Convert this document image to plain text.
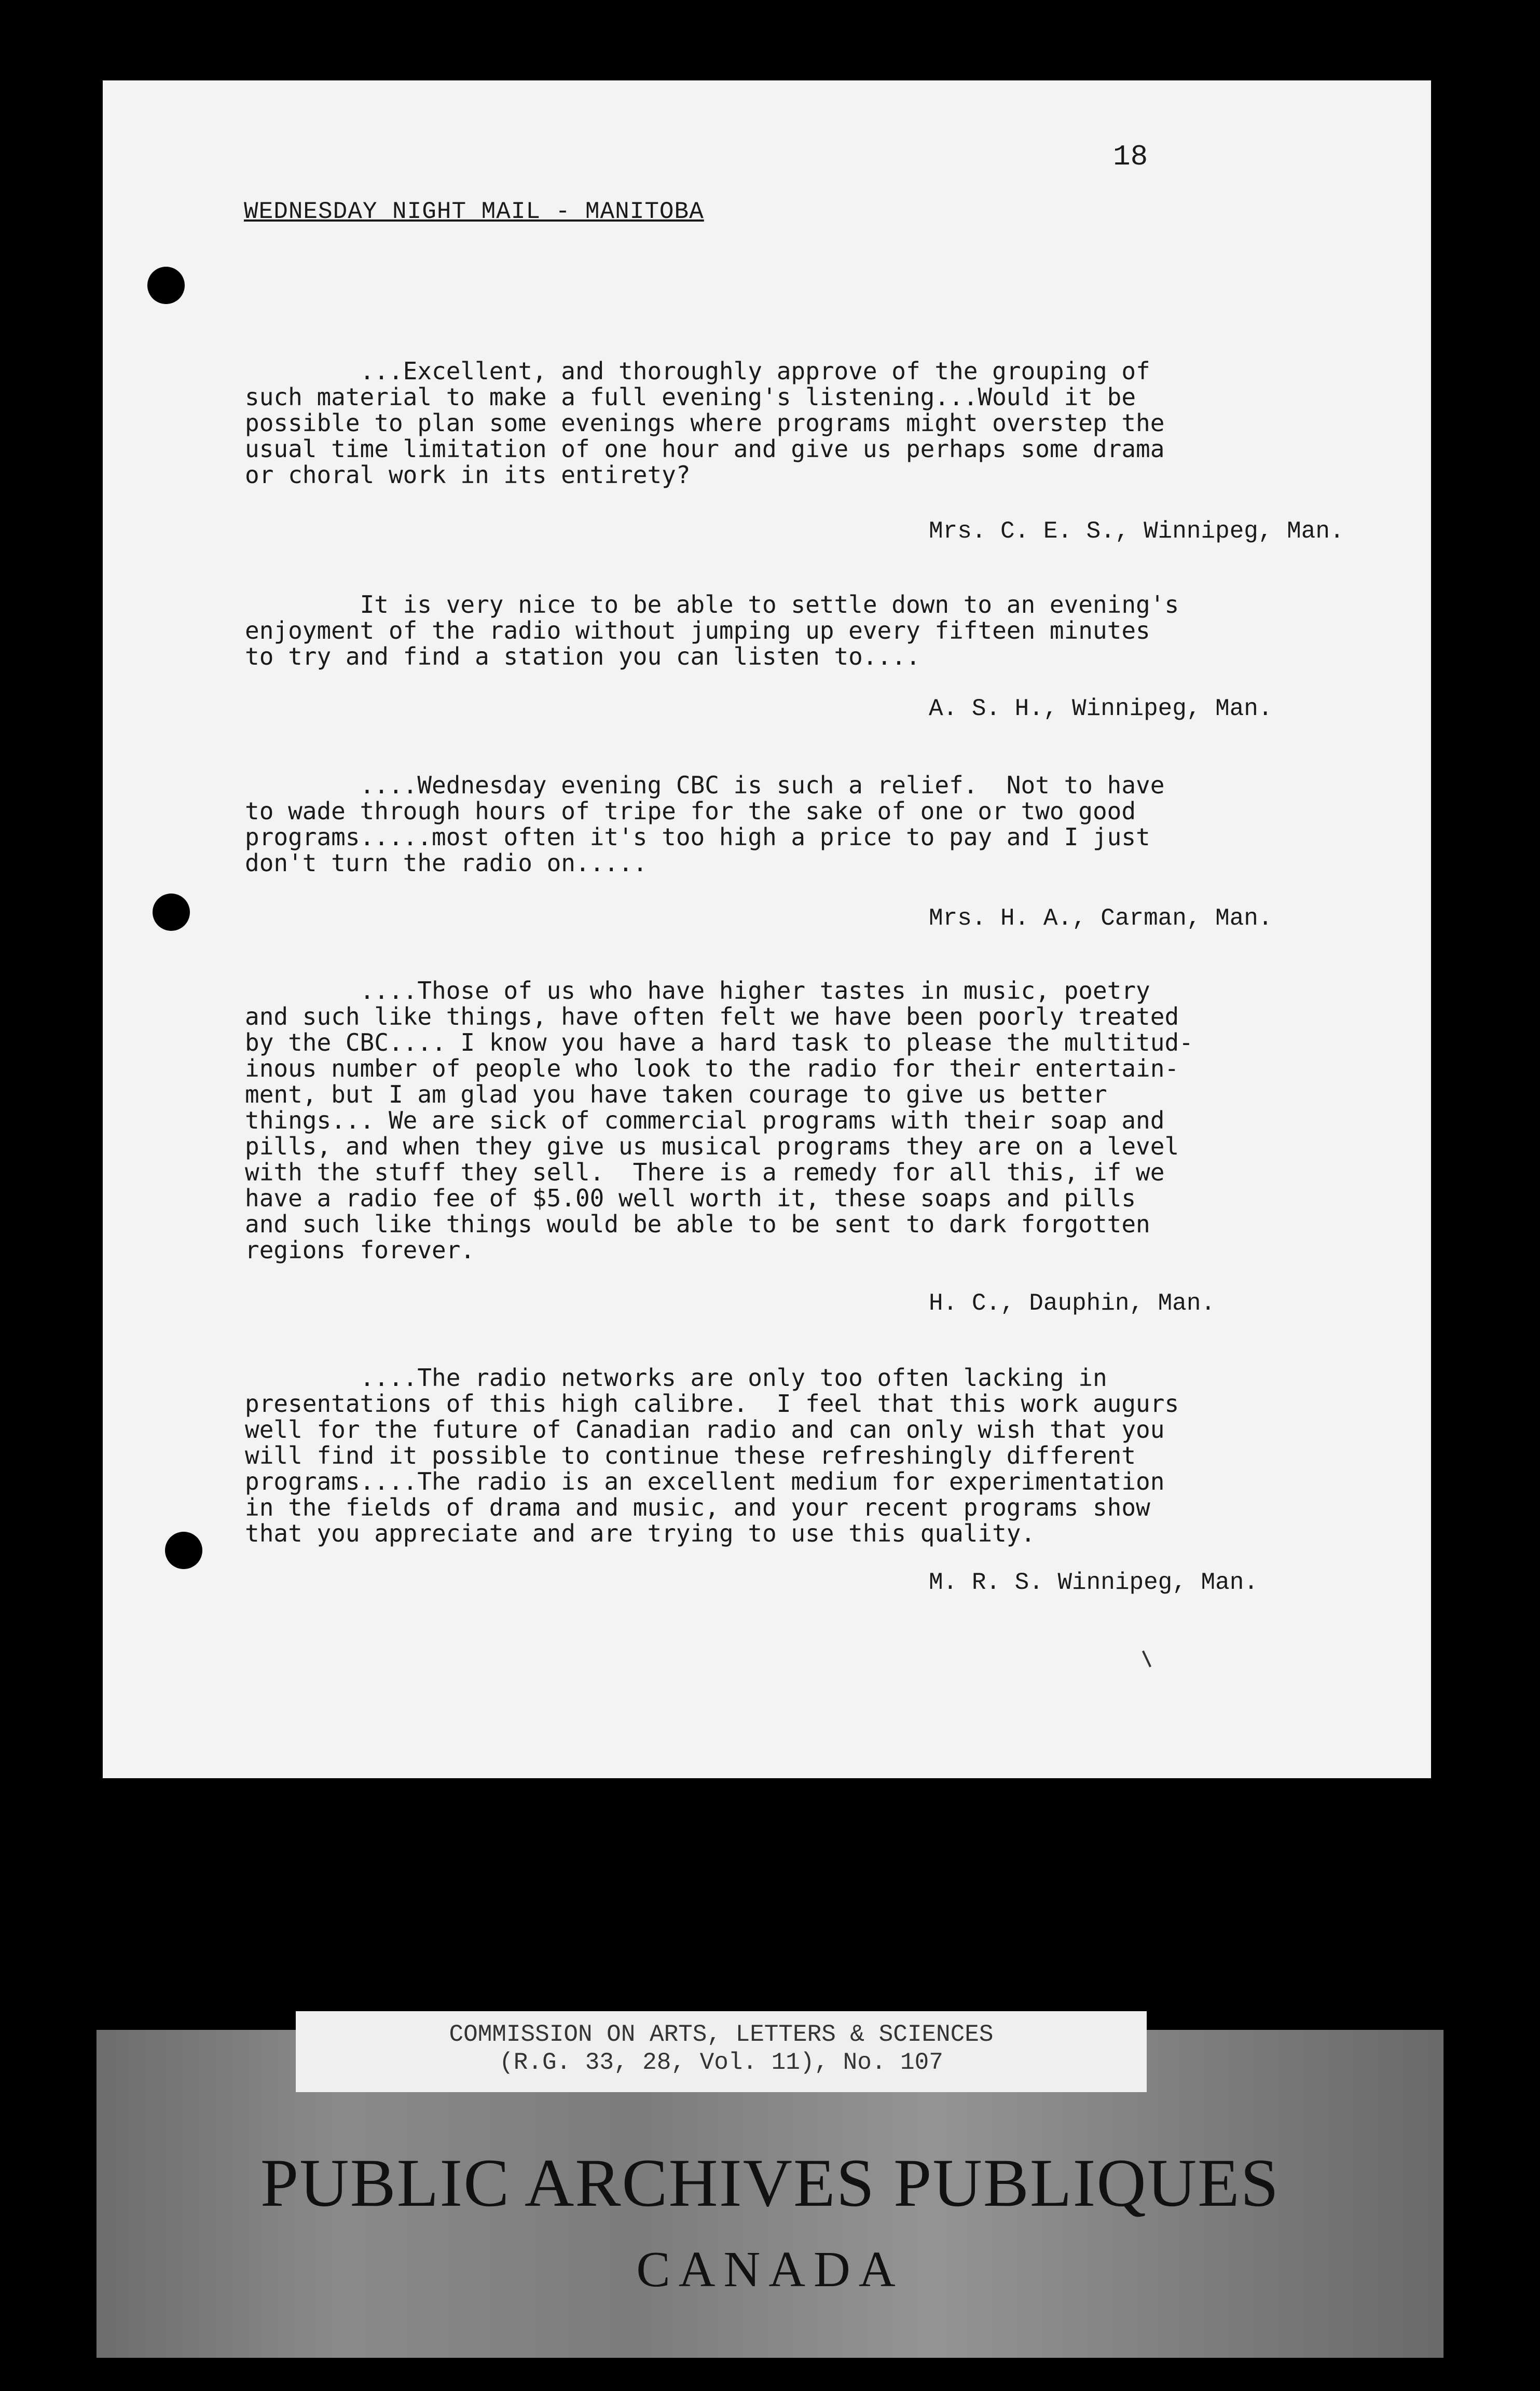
18
WEDNESDAY NIGHT MAIL - MANITOBA
...Excellent, and thoroughly approve of the grouping of
such material to make a full evening's listening...Would it be
possible to plan some evenings where programs might overstep the
usual time limitation of one hour and give us perhaps some drama
or choral work in its entirety?
Mrs. C. E. S., Winnipeg, Man.
It is very nice to be able to settle down to an evening's
enjoyment of the radio without jumping up every fifteen minutes
to try and find a station you can listen to....
A. S. H., Winnipeg, Man.
....Wednesday evening CBC is such a relief.  Not to have
to wade through hours of tripe for the sake of one or two good
programs.....most often it's too high a price to pay and I just
don't turn the radio on.....
Mrs. H. A., Carman, Man.
....Those of us who have higher tastes in music, poetry
and such like things, have often felt we have been poorly treated
by the CBC.... I know you have a hard task to please the multitud-
inous number of people who look to the radio for their entertain-
ment, but I am glad you have taken courage to give us better
things... We are sick of commercial programs with their soap and
pills, and when they give us musical programs they are on a level
with the stuff they sell.  There is a remedy for all this, if we
have a radio fee of $5.00 well worth it, these soaps and pills
and such like things would be able to be sent to dark forgotten
regions forever.
H. C., Dauphin, Man.
....The radio networks are only too often lacking in
presentations of this high calibre.  I feel that this work augurs
well for the future of Canadian radio and can only wish that you
will find it possible to continue these refreshingly different
programs....The radio is an excellent medium for experimentation
in the fields of drama and music, and your recent programs show
that you appreciate and are trying to use this quality.
M. R. S. Winnipeg, Man.
COMMISSION ON ARTS, LETTERS & SCIENCES
(R.G. 33, 28, Vol. 11), No. 107
PUBLIC ARCHIVES PUBLIQUES
CANADA
